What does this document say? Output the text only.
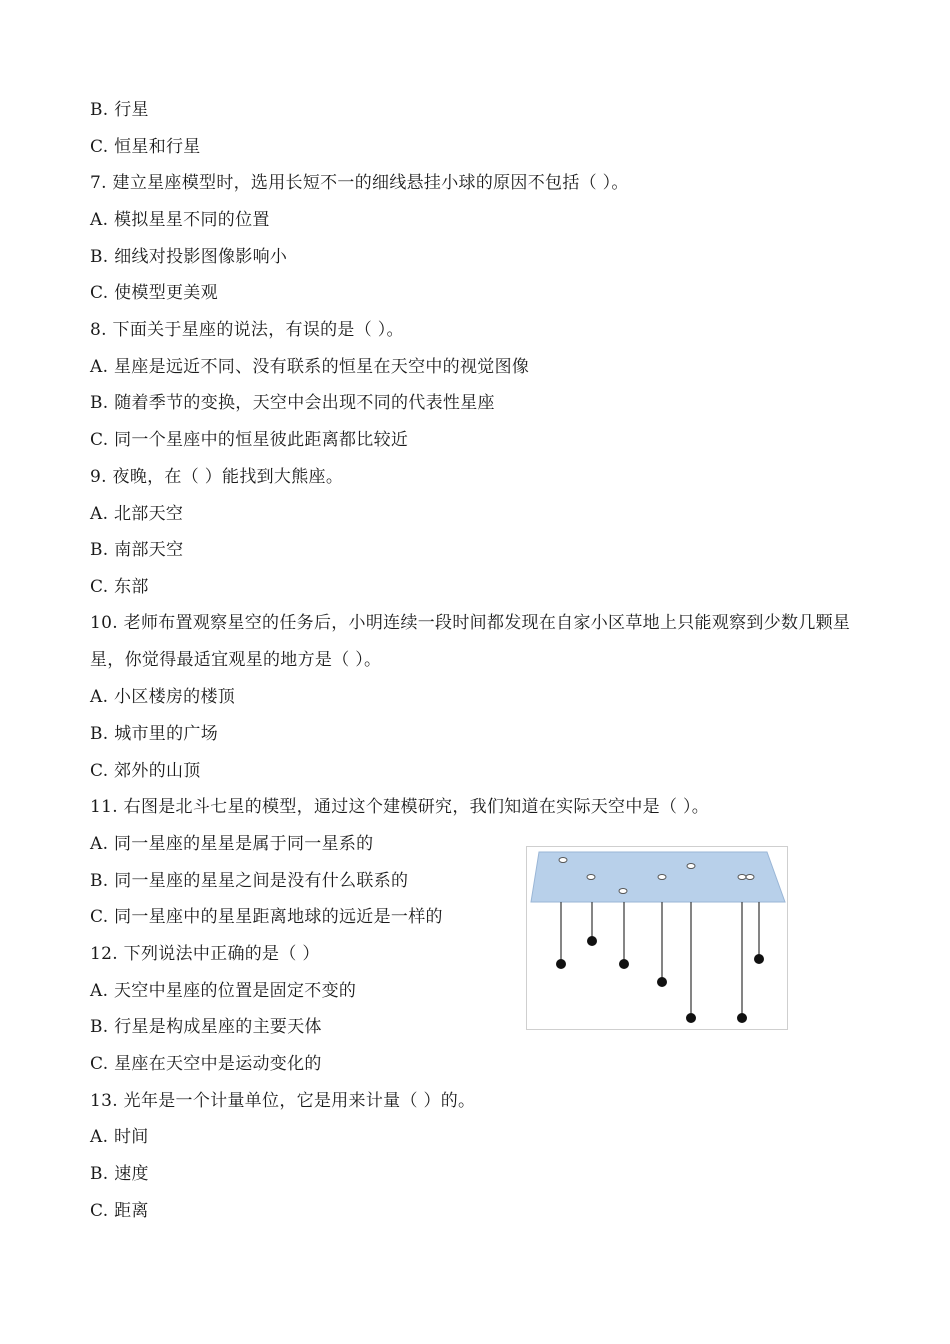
B. 行星
C. 恒星和行星
7. 建立星座模型时，选用长短不一的细线悬挂小球的原因不包括（ ）。
A. 模拟星星不同的位置
B. 细线对投影图像影响小
C. 使模型更美观
8. 下面关于星座的说法，有误的是（ ）。
A. 星座是远近不同、没有联系的恒星在天空中的视觉图像
B. 随着季节的变换，天空中会出现不同的代表性星座
C. 同一个星座中的恒星彼此距离都比较近
9. 夜晚，在（ ）能找到大熊座。
A. 北部天空
B. 南部天空
C. 东部
10. 老师布置观察星空的任务后，小明连续一段时间都发现在自家小区草地上只能观察到少数几颗星星，你觉得最适宜观星的地方是（ ）。
A. 小区楼房的楼顶
B. 城市里的广场
C. 郊外的山顶
11. 右图是北斗七星的模型，通过这个建模研究，我们知道在实际天空中是（ ）。
A. 同一星座的星星是属于同一星系的
B. 同一星座的星星之间是没有什么联系的
C. 同一星座中的星星距离地球的远近是一样的
12. 下列说法中正确的是（ ）
A. 天空中星座的位置是固定不变的
B. 行星是构成星座的主要天体
C. 星座在天空中是运动变化的
13. 光年是一个计量单位，它是用来计量（ ）的。
A. 时间
B. 速度
C. 距离
